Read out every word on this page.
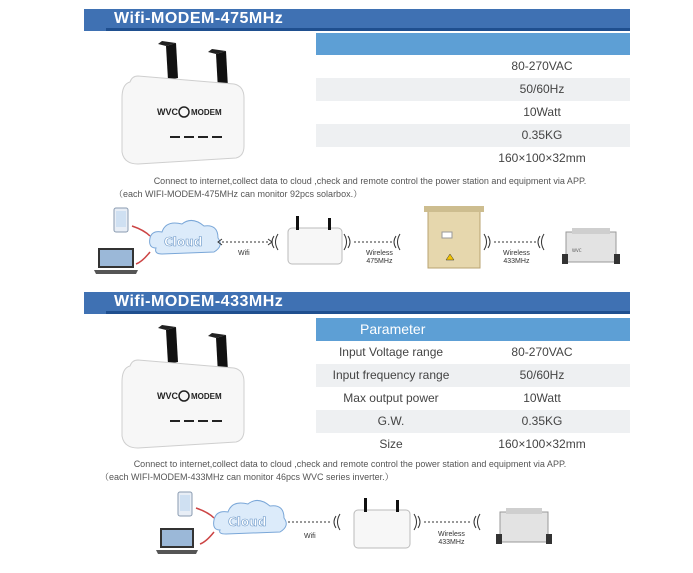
Wifi-MODEM-475MHz
WVC MODEM
80-270VAC
50/60Hz
10Watt
0.35KG
160×100×32mm
Connect to internet,collect data to cloud ,check and remote control the power station and equipment via APP.
（each WIFI-MODEM-475MHz can monitor 92pcs solarbox.）
Cloud
WVC
Wifi	Wireless
475MHz
Wireless
433MHz
Wifi-MODEM-433MHz
WVC MODEM
Parameter
Input Voltage range	80-270VAC
Input frequency range	50/60Hz
Max output power	10Watt
G.W.	0.35KG
Size	160×100×32mm
Connect to internet,collect data to cloud ,check and remote control the power station and equipment via APP.
（each WIFI-MODEM-433MHz can monitor 46pcs WVC series inverter.）
Cloud
Wifi	Wireless
433MHz
